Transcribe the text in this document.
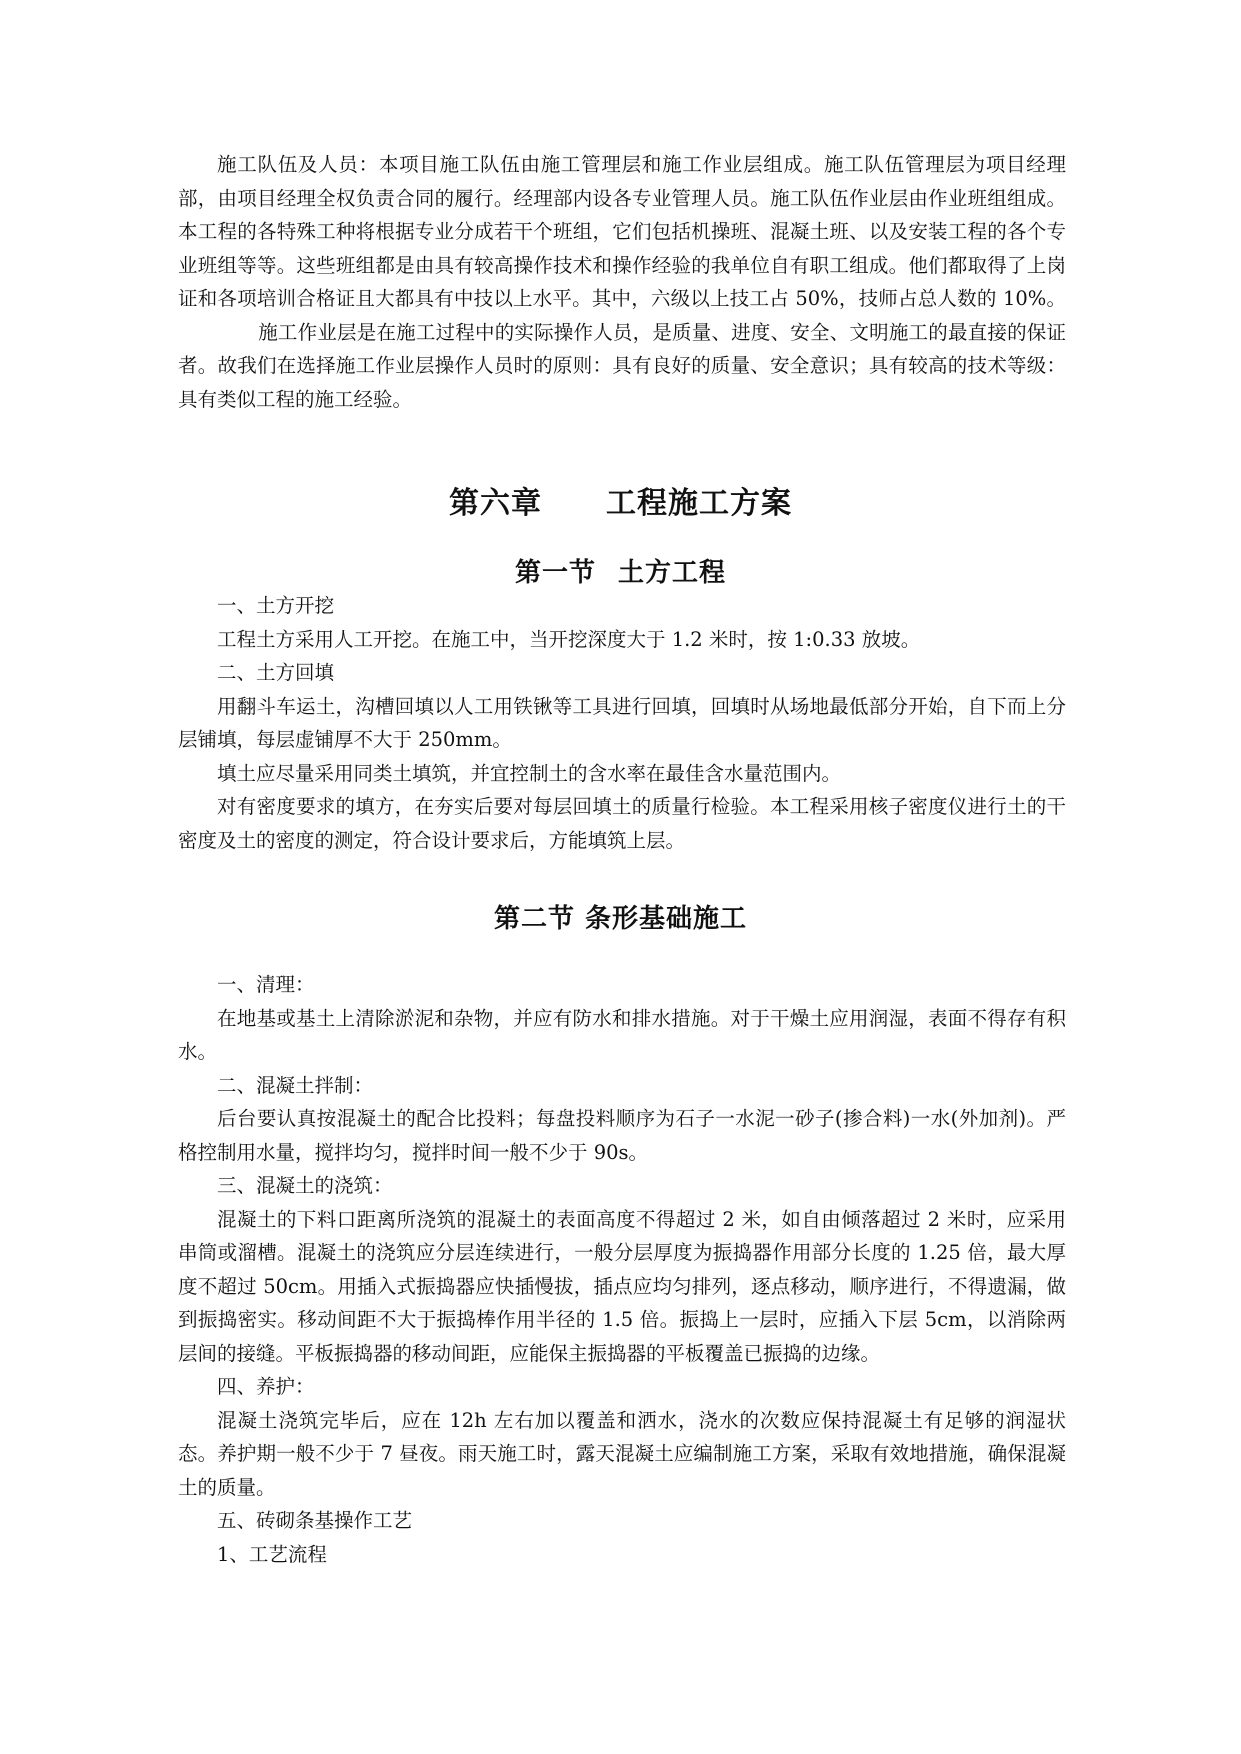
施工队伍及人员：本项目施工队伍由施工管理层和施工作业层组成。施工队伍管理层为项目经理部，由项目经理全权负责合同的履行。经理部内设各专业管理人员。施工队伍作业层由作业班组组成。本工程的各特殊工种将根据专业分成若干个班组，它们包括机操班、混凝土班、以及安装工程的各个专业班组等等。这些班组都是由具有较高操作技术和操作经验的我单位自有职工组成。他们都取得了上岗证和各项培训合格证且大都具有中技以上水平。其中，六级以上技工占 50%，技师占总人数的 10%。施工作业层是在施工过程中的实际操作人员，是质量、进度、安全、文明施工的最直接的保证者。故我们在选择施工作业层操作人员时的原则：具有良好的质量、安全意识；具有较高的技术等级：具有类似工程的施工经验。

第六章 工程施工方案
第一节 土方工程

一、土方开挖

工程土方采用人工开挖。在施工中，当开挖深度大于 1.2 米时，按 1:0.33 放坡。

二、土方回填

用翻斗车运土，沟槽回填以人工用铁锹等工具进行回填，回填时从场地最低部分开始，自下而上分层铺填，每层虚铺厚不大于 250mm。

填土应尽量采用同类土填筑，并宜控制土的含水率在最佳含水量范围内。

对有密度要求的填方，在夯实后要对每层回填土的质量行检验。本工程采用核子密度仪进行土的干密度及土的密度的测定，符合设计要求后，方能填筑上层。

第二节 条形基础施工

一、清理：

在地基或基土上清除淤泥和杂物，并应有防水和排水措施。对于干燥土应用润湿，表面不得存有积水。

二、混凝土拌制：

后台要认真按混凝土的配合比投料；每盘投料顺序为石子一水泥一砂子(掺合料)一水(外加剂)。严格控制用水量，搅拌均匀，搅拌时间一般不少于 90s。

三、混凝土的浇筑：

混凝土的下料口距离所浇筑的混凝土的表面高度不得超过 2 米，如自由倾落超过 2 米时，应采用串筒或溜槽。混凝土的浇筑应分层连续进行，一般分层厚度为振捣器作用部分长度的 1.25 倍，最大厚度不超过 50cm。用插入式振捣器应快插慢拔，插点应均匀排列，逐点移动，顺序进行，不得遗漏，做到振捣密实。移动间距不大于振捣棒作用半径的 1.5 倍。振捣上一层时，应插入下层 5cm，以消除两层间的接缝。平板振捣器的移动间距，应能保主振捣器的平板覆盖已振捣的边缘。

四、养护：

混凝土浇筑完毕后，应在 12h 左右加以覆盖和洒水，浇水的次数应保持混凝土有足够的润湿状态。养护期一般不少于 7 昼夜。雨天施工时，露天混凝土应编制施工方案，采取有效地措施，确保混凝土的质量。

五、砖砌条基操作工艺

1、工艺流程
